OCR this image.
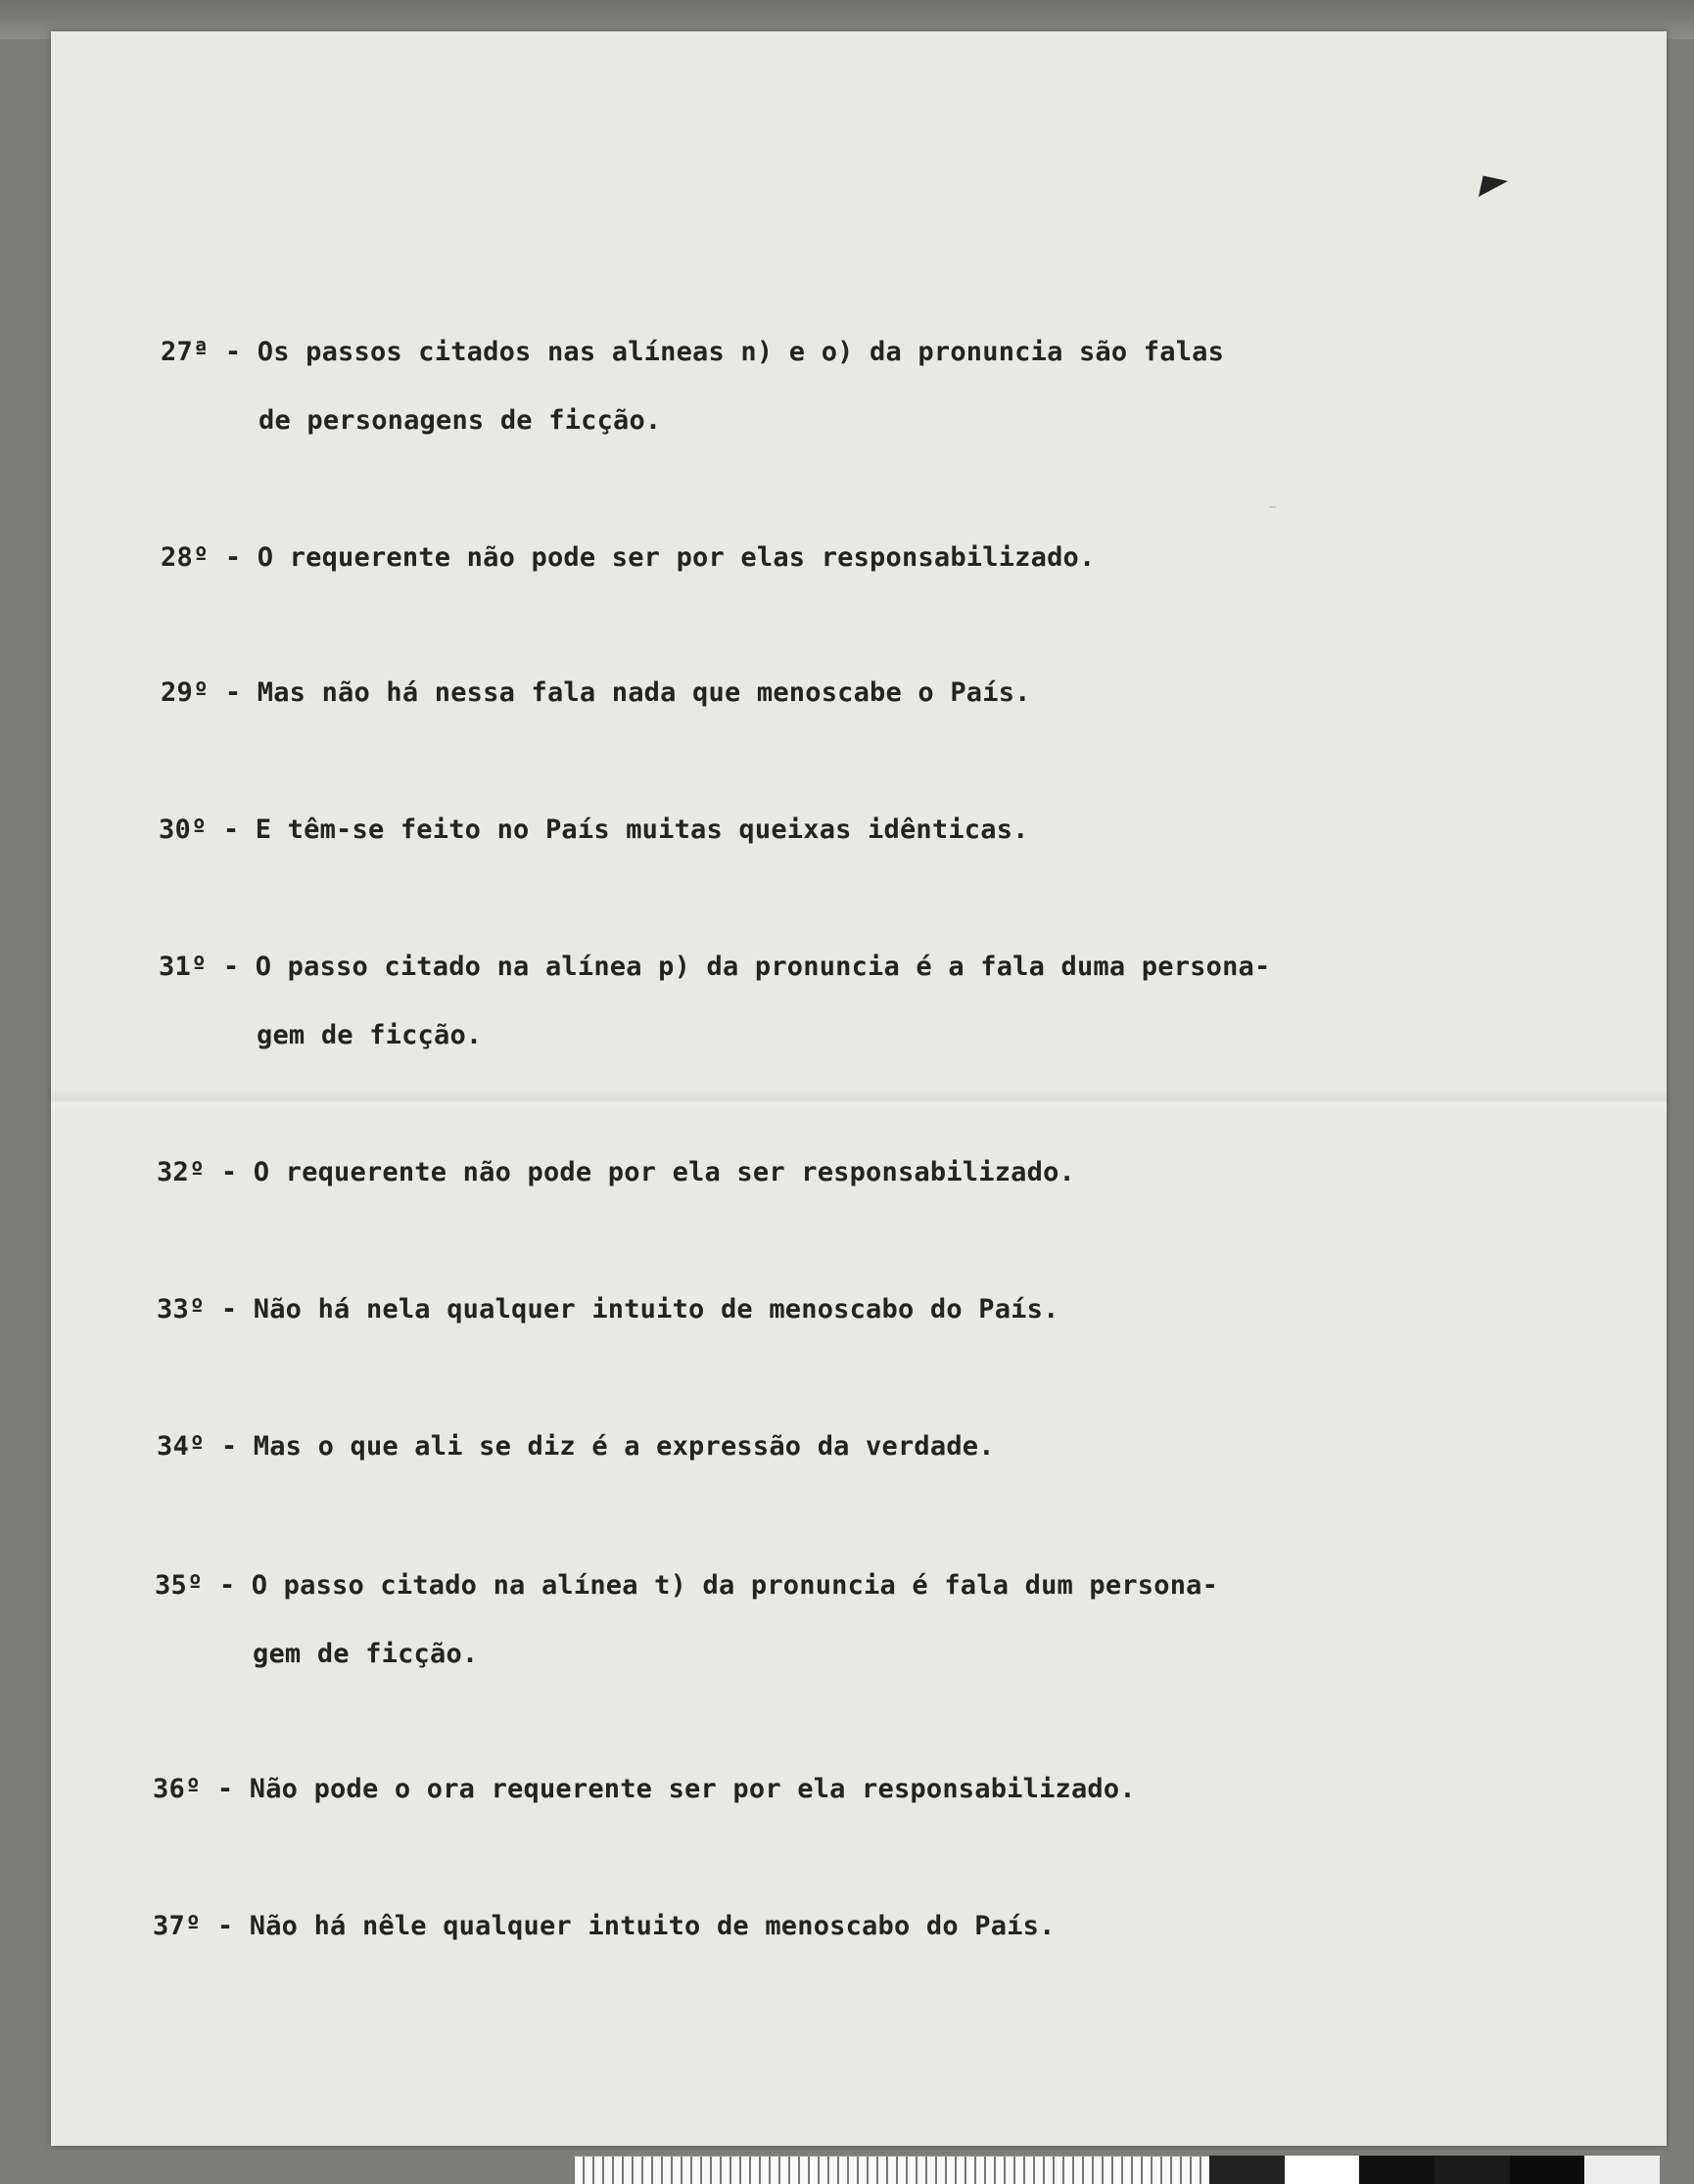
-

27ª - Os passos citados nas alíneas n) e o) da pronuncia são falas

de personagens de ficção.

28º - O requerente não pode ser por elas responsabilizado.

29º - Mas não há nessa fala nada que menoscabe o País.

30º - E têm-se feito no País muitas queixas idênticas.

31º - O passo citado na alínea p) da pronuncia é a fala duma persona-

gem de ficção.

32º - O requerente não pode por ela ser responsabilizado.

33º - Não há nela qualquer intuito de menoscabo do País.

34º - Mas o que ali se diz é a expressão da verdade.

35º - O passo citado na alínea t) da pronuncia é fala dum persona-

gem de ficção.

36º - Não pode o ora requerente ser por ela responsabilizado.

37º - Não há nêle qualquer intuito de menoscabo do País.
